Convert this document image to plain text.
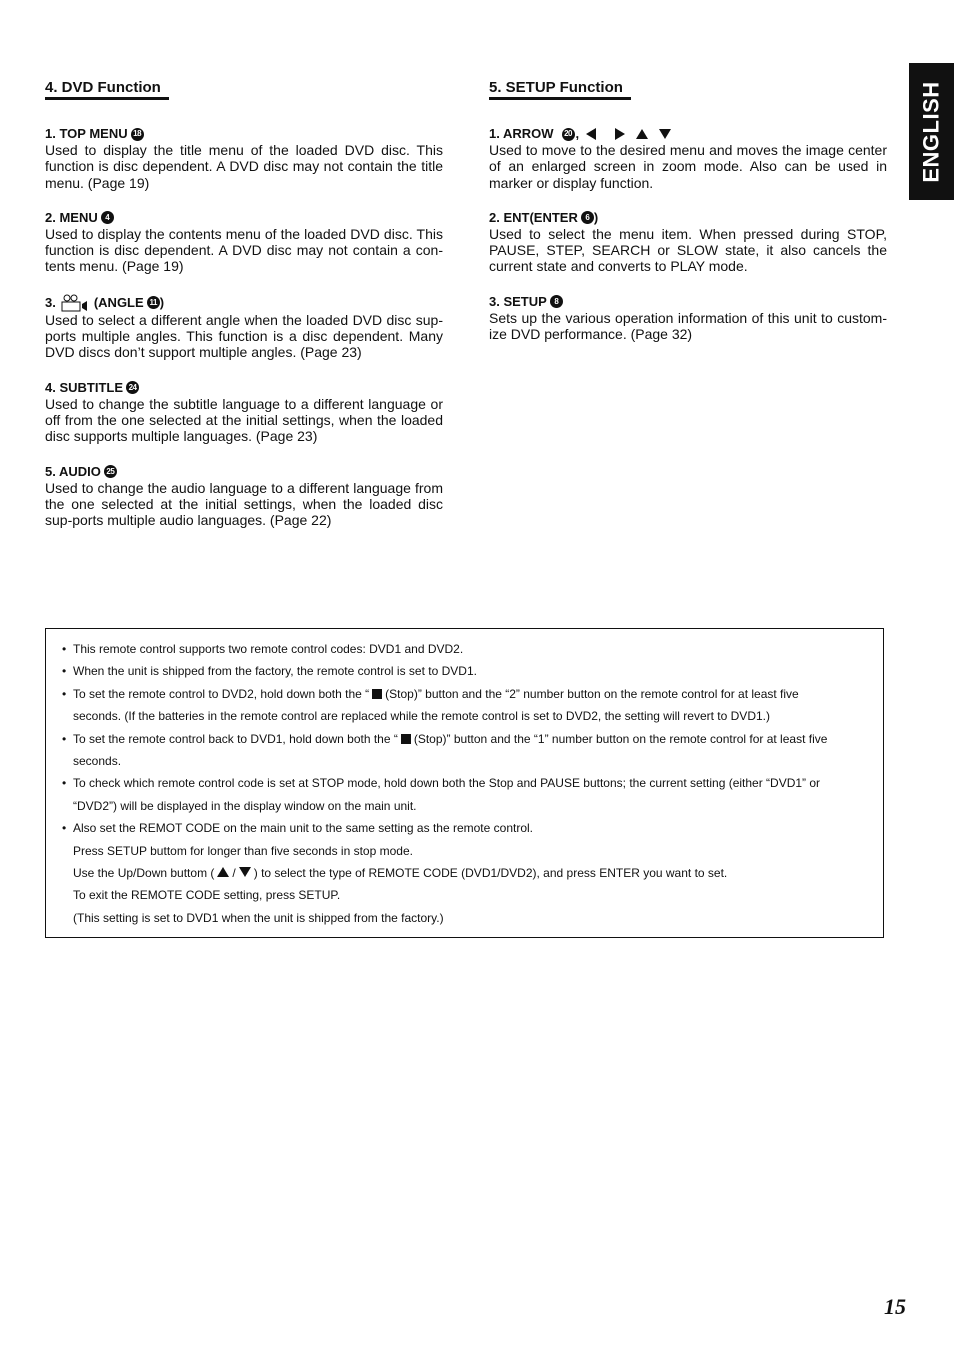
4. DVD Function
1. TOP MENU 18
Used to display the title menu of the loaded DVD disc. This function is disc dependent. A DVD disc may not contain the title menu. (Page 19)
2. MENU 4
Used to display the contents menu of the loaded DVD disc. This function is disc dependent. A DVD disc may not contain a con-tents menu. (Page 19)
3.	(ANGLE 11 )
Used to select a different angle when the loaded DVD disc sup-ports multiple angles. This function is a disc dependent. Many DVD discs don’t support multiple angles. (Page 23)
4. SUBTITLE 24
Used to change the subtitle language to a different language or off from the one selected at the initial settings, when the loaded disc supports multiple languages. (Page 23)
5. AUDIO 25
Used to change the audio language to a different language from the one selected at the initial settings, when the loaded disc sup-ports multiple audio languages. (Page 22)
5. SETUP Function
1. ARROW	20 ,
Used to move to the desired menu and moves the image center of an enlarged screen in zoom mode. Also can be used in marker or display function.
2. ENT(ENTER 6 )
Used to select the menu item. When pressed during STOP, PAUSE, STEP, SEARCH or SLOW state, it also cancels the current state and converts to PLAY mode.
3. SETUP 8
Sets up the various operation information of this unit to custom-ize DVD performance. (Page 32)
ENGLISH
• This remote control supports two remote control codes: DVD1 and DVD2.
• When the unit is shipped from the factory, the remote control is set to DVD1.
• To set the remote control to DVD2, hold down both the “ (Stop)” button and the “2” number button on the remote control for at least five
seconds. (If the batteries in the remote control are replaced while the remote control is set to DVD2, the setting will revert to DVD1.)
• To set the remote control back to DVD1, hold down both the “ (Stop)” button and the “1” number button on the remote control for at least five
seconds.
• To check which remote control code is set at STOP mode, hold down both the Stop and PAUSE buttons; the current setting (either “DVD1” or
“DVD2”) will be displayed in the display window on the main unit.
• Also set the REMOT CODE on the main unit to the same setting as the remote control.
Press SETUP buttom for longer than five seconds in stop mode.
Use the Up/Down buttom ( / ) to select the type of REMOTE CODE (DVD1/DVD2), and press ENTER you want to set.
To exit the REMOTE CODE setting, press SETUP.
(This setting is set to DVD1 when the unit is shipped from the factory.)
15
